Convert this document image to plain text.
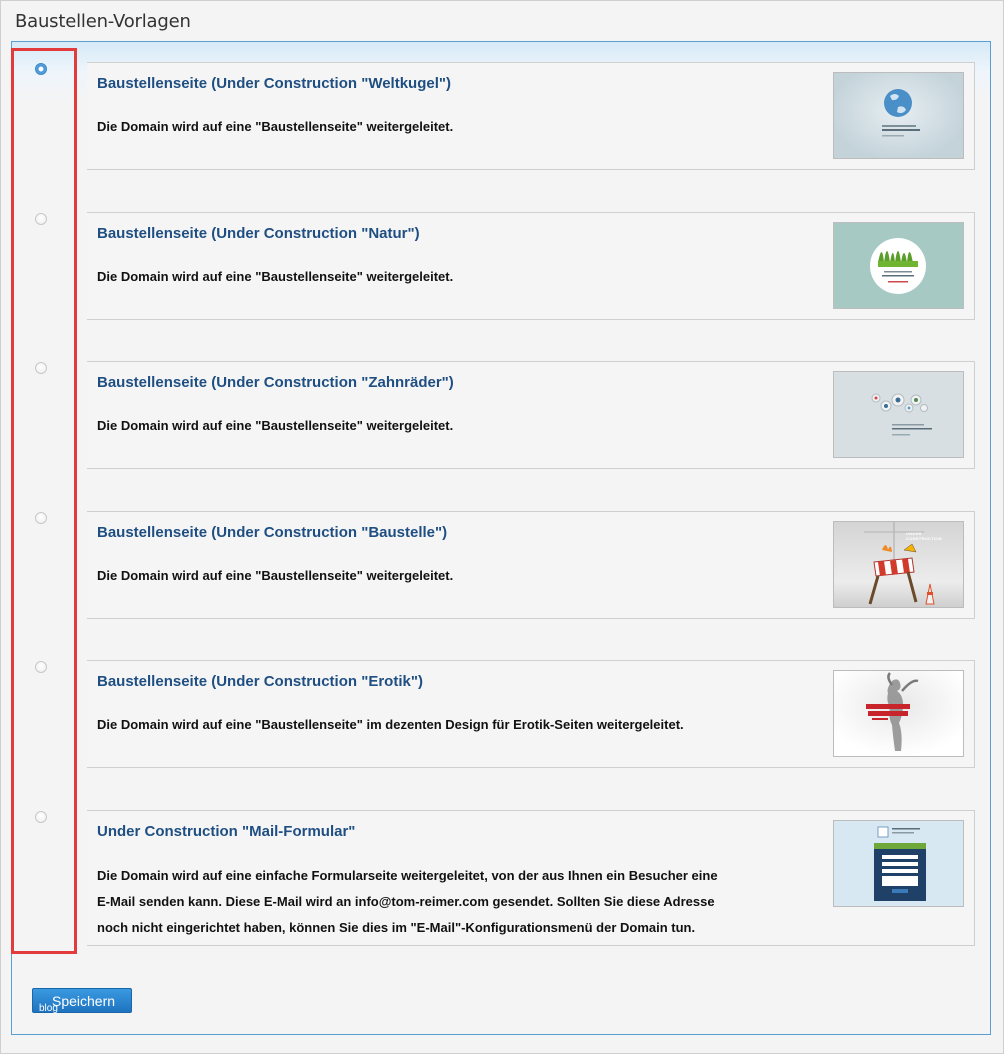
Baustellen-Vorlagen
Baustellenseite (Under Construction "Weltkugel")
Die Domain wird auf eine "Baustellenseite" weitergeleitet.
Baustellenseite (Under Construction "Natur")
Die Domain wird auf eine "Baustellenseite" weitergeleitet.
Baustellenseite (Under Construction "Zahnräder")
Die Domain wird auf eine "Baustellenseite" weitergeleitet.
Baustellenseite (Under Construction "Baustelle")
Die Domain wird auf eine "Baustellenseite" weitergeleitet.
UNDER CONSTRUCTION
Baustellenseite (Under Construction "Erotik")
Die Domain wird auf eine "Baustellenseite" im dezenten Design für Erotik-Seiten weitergeleitet.
Under Construction "Mail-Formular"
Die Domain wird auf eine einfache Formularseite weitergeleitet, von der aus Ihnen ein Besucher eine E-Mail senden kann. Diese E-Mail wird an info@tom-reimer.com gesendet. Sollten Sie diese Adresse noch nicht eingerichtet haben, können Sie dies im "E-Mail"-Konfigurationsmenü der Domain tun.
Speichern
blog
